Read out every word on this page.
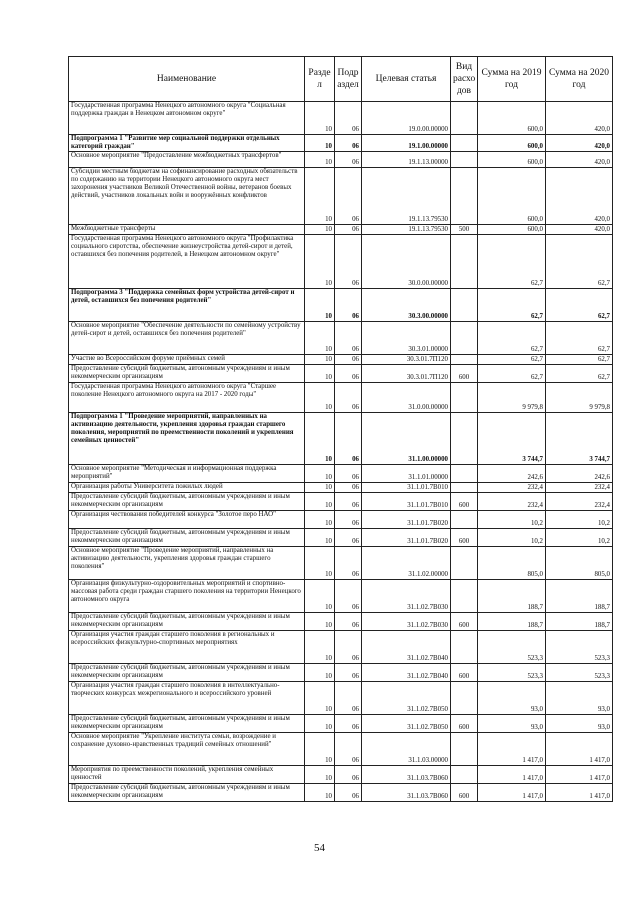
Наименование	Разде л	Подр аздел	Целевая статья	Вид расхо дов	Сумма на 2019 год	Сумма на 2020 год
Государственная программа Ненецкого автономного округа "Социальная поддержка граждан в Ненецком автономном округе"	10	06	19.0.00.00000		600,0	420,0
Подпрограмма 1 "Развитие мер социальной поддержки отдельных категорий граждан"	10	06	19.1.00.00000		600,0	420,0
Основное мероприятие "Предоставление межбюджетных трансфертов"	10	06	19.1.13.00000		600,0	420,0
Субсидии местным бюджетам на софинансирование расходных обязательств по содержанию на территории Ненецкого автономного округа мест захоронения участников Великой Отечественной войны, ветеранов боевых действий, участников локальных войн и вооружённых конфликтов	10	06	19.1.13.79530		600,0	420,0
Межбюджетные трансферты	10	06	19.1.13.79530	500	600,0	420,0
Государственная программа Ненецкого автономного округа "Профилактика социального сиротства, обеспечение жизнеустройства детей-сирот и детей, оставшихся без попечения родителей, в Ненецком автономном округе"	10	06	30.0.00.00000		62,7	62,7
Подпрограмма 3 "Поддержка семейных форм устройства детей-сирот и детей, оставшихся без попечения родителей"	10	06	30.3.00.00000		62,7	62,7
Основное мероприятие "Обеспечение деятельности по семейному устройству детей-сирот и детей, оставшихся без попечения родителей"	10	06	30.3.01.00000		62,7	62,7
Участие во Всероссийском форуме приёмных семей	10	06	30.3.01.7П120		62,7	62,7
Предоставление субсидий бюджетным, автономным учреждениям и иным некоммерческим организациям	10	06	30.3.01.7П120	600	62,7	62,7
Государственная программа Ненецкого автономного округа "Старшее поколение Ненецкого автономного округа на 2017 - 2020 годы"	10	06	31.0.00.00000		9 979,8	9 979,8
Подпрограмма 1 "Проведение мероприятий, направленных на активизацию деятельности, укрепления здоровья граждан старшего поколения, мероприятий по преемственности поколений и укрепления семейных ценностей"	10	06	31.1.00.00000		3 744,7	3 744,7
Основное мероприятие "Методическая и информационная поддержка мероприятий"	10	06	31.1.01.00000		242,6	242,6
Организация работы Университета пожилых людей	10	06	31.1.01.7В010		232,4	232,4
Предоставление субсидий бюджетным, автономным учреждениям и иным некоммерческим организациям	10	06	31.1.01.7В010	600	232,4	232,4
Организация чествования победителей конкурса "Золотое перо НАО"	10	06	31.1.01.7В020		10,2	10,2
Предоставление субсидий бюджетным, автономным учреждениям и иным некоммерческим организациям	10	06	31.1.01.7В020	600	10,2	10,2
Основное мероприятие "Проведение мероприятий, направленных на активизацию деятельности, укрепления здоровья граждан старшего поколения"	10	06	31.1.02.00000		805,0	805,0
Организация физкультурно-оздоровительных мероприятий и спортивно-массовая работа среди граждан старшего поколения на территории Ненецкого автономного округа	10	06	31.1.02.7В030		188,7	188,7
Предоставление субсидий бюджетным, автономным учреждениям и иным некоммерческим организациям	10	06	31.1.02.7В030	600	188,7	188,7
Организация участия граждан старшего поколения в региональных и всероссийских физкультурно-спортивных мероприятиях	10	06	31.1.02.7В040		523,3	523,3
Предоставление субсидий бюджетным, автономным учреждениям и иным некоммерческим организациям	10	06	31.1.02.7В040	600	523,3	523,3
Организация участия граждан старшего поколения в интеллектуально-творческих конкурсах межрегионального и всероссийского уровней	10	06	31.1.02.7В050		93,0	93,0
Предоставление субсидий бюджетным, автономным учреждениям и иным некоммерческим организациям	10	06	31.1.02.7В050	600	93,0	93,0
Основное мероприятие "Укрепление института семьи, возрождение и сохранение духовно-нравственных традиций семейных отношений"	10	06	31.1.03.00000		1 417,0	1 417,0
Мероприятия по преемственности поколений, укрепления семейных ценностей	10	06	31.1.03.7В060		1 417,0	1 417,0
Предоставление субсидий бюджетным, автономным учреждениям и иным некоммерческим организациям	10	06	31.1.03.7В060	600	1 417,0	1 417,0
54
